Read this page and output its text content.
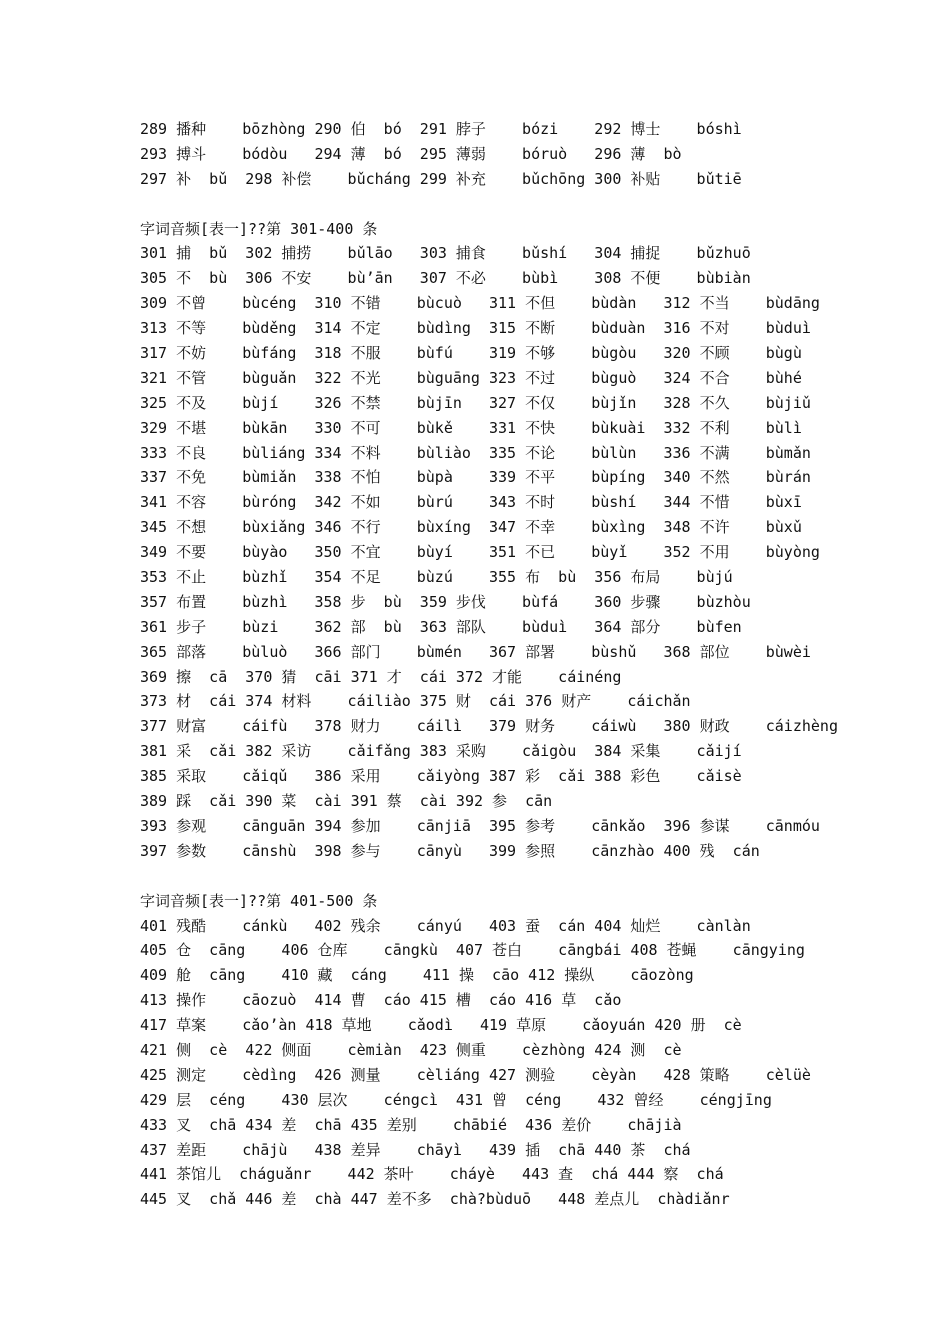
289 播种    bōzhòng 290 伯  bó  291 脖子    bózi    292 博士    bóshì
293 搏斗    bódòu   294 薄  bó  295 薄弱    bóruò   296 薄  bò
297 补  bǔ  298 补偿    bǔcháng 299 补充    bǔchōng 300 补贴    bǔtiē
字词音频[表一]??第 301-400 条
301 捕  bǔ  302 捕捞    bǔlāo   303 捕食    bǔshí   304 捕捉    bǔzhuō
305 不  bù  306 不安    bù’ān   307 不必    bùbì    308 不便    bùbiàn
309 不曾    bùcéng  310 不错    bùcuò   311 不但    bùdàn   312 不当    bùdāng
313 不等    bùděng  314 不定    bùdìng  315 不断    bùduàn  316 不对    bùduì
317 不妨    bùfáng  318 不服    bùfú    319 不够    bùgòu   320 不顾    bùgù
321 不管    bùguǎn  322 不光    bùguāng 323 不过    bùguò   324 不合    bùhé
325 不及    bùjí    326 不禁    bùjīn   327 不仅    bùjǐn   328 不久    bùjiǔ
329 不堪    bùkān   330 不可    bùkě    331 不快    bùkuài  332 不利    bùlì
333 不良    bùliáng 334 不料    bùliào  335 不论    bùlùn   336 不满    bùmǎn
337 不免    bùmiǎn  338 不怕    bùpà    339 不平    bùpíng  340 不然    bùrán
341 不容    bùróng  342 不如    bùrú    343 不时    bùshí   344 不惜    bùxī
345 不想    bùxiǎng 346 不行    bùxíng  347 不幸    bùxìng  348 不许    bùxǔ
349 不要    bùyào   350 不宜    bùyí    351 不已    bùyǐ    352 不用    bùyòng
353 不止    bùzhǐ   354 不足    bùzú    355 布  bù  356 布局    bùjú
357 布置    bùzhì   358 步  bù  359 步伐    bùfá    360 步骤    bùzhòu
361 步子    bùzi    362 部  bù  363 部队    bùduì   364 部分    bùfen
365 部落    bùluò   366 部门    bùmén   367 部署    bùshǔ   368 部位    bùwèi
369 擦  cā  370 猜  cāi 371 才  cái 372 才能    cáinéng
373 材  cái 374 材料    cáiliào 375 财  cái 376 财产    cáichǎn
377 财富    cáifù   378 财力    cáilì   379 财务    cáiwù   380 财政    cáizhèng
381 采  cǎi 382 采访    cǎifǎng 383 采购    cǎigòu  384 采集    cǎijí
385 采取    cǎiqǔ   386 采用    cǎiyòng 387 彩  cǎi 388 彩色    cǎisè
389 踩  cǎi 390 菜  cài 391 蔡  cài 392 参  cān
393 参观    cānguān 394 参加    cānjiā  395 参考    cānkǎo  396 参谋    cānmóu
397 参数    cānshù  398 参与    cānyù   399 参照    cānzhào 400 残  cán
字词音频[表一]??第 401-500 条
401 残酷    cánkù   402 残余    cányú   403 蚕  cán 404 灿烂    cànlàn
405 仓  cāng    406 仓库    cāngkù  407 苍白    cāngbái 408 苍蝇    cāngying
409 舱  cāng    410 藏  cáng    411 操  cāo 412 操纵    cāozòng
413 操作    cāozuò  414 曹  cáo 415 槽  cáo 416 草  cǎo
417 草案    cǎo’àn 418 草地    cǎodì   419 草原    cǎoyuán 420 册  cè
421 侧  cè  422 侧面    cèmiàn  423 侧重    cèzhòng 424 测  cè
425 测定    cèdìng  426 测量    cèliáng 427 测验    cèyàn   428 策略    cèlüè
429 层  céng    430 层次    céngcì  431 曾  céng    432 曾经    céngjīng
433 叉  chā 434 差  chā 435 差别    chābié  436 差价    chājià
437 差距    chājù   438 差异    chāyì   439 插  chā 440 茶  chá
441 茶馆儿  cháguǎnr    442 茶叶    cháyè   443 查  chá 444 察  chá
445 叉  chǎ 446 差  chà 447 差不多  chà?bùduō   448 差点儿  chàdiǎnr
